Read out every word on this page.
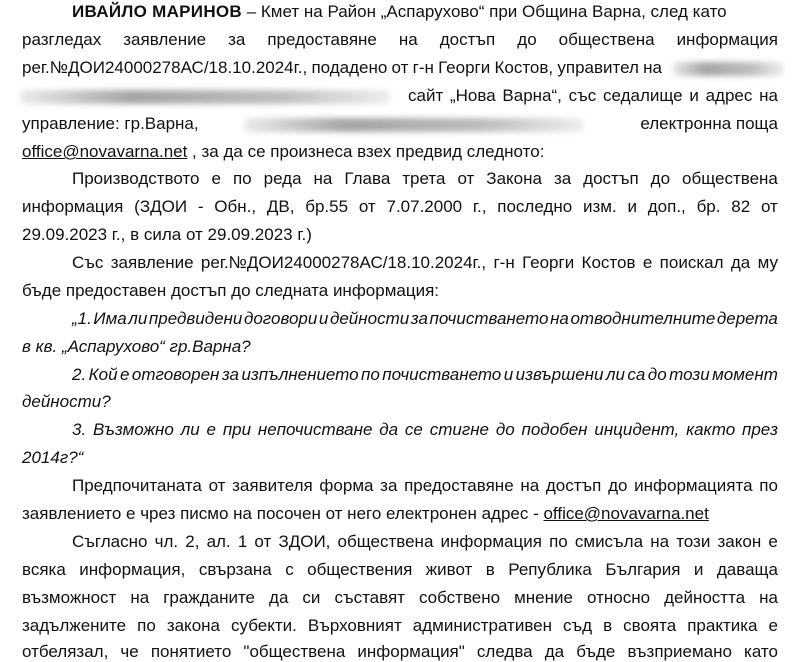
ИВАЙЛО МАРИНОВ – Кмет на Район „Аспарухово“ при Община Варна, след като
разгледах заявление за предоставяне на достъп до обществена информация
рег.№ДОИ24000278АС/18.10.2024г., подадено от г-н Георги Костов, управител на
сайт „Нова Варна“, със седалище и адрес на
управление: гр.Варна,	електронна поща
office@novavarna.net , за да се произнеса взех предвид следното:
Производството е по реда на Глава трета от Закона за достъп до обществена
информация (ЗДОИ - Обн., ДВ, бр.55 от 7.07.2000 г., последно изм. и доп., бр. 82 от
29.09.2023 г., в сила от 29.09.2023 г.)
Със заявление рег.№ДОИ24000278АС/18.10.2024г., г-н Георги Костов е поискал да му
бъде предоставен достъп до следната информация:
„1. Има ли предвидени договори и дейности за почистването на отводнителните дерета
в кв. „Аспарухово“ гр.Варна?
2. Кой е отговорен за изпълнението по почистването и извършени ли са до този момент
дейности?
3. Възможно ли е при непочистване да се стигне до подобен инцидент, както през
2014г?“
Предпочитаната от заявителя форма за предоставяне на достъп до информацията по
заявлението е чрез писмо на посочен от него електронен адрес - office@novavarna.net
Съгласно чл. 2, ал. 1 от ЗДОИ, обществена информация по смисъла на този закон е
всяка информация, свързана с обществения живот в Република България и даваща
възможност на гражданите да си съставят собствено мнение относно дейността на
задължените по закона субекти. Върховният административен съд в своята практика е
отбелязал, че понятието "обществена информация" следва да бъде възприемано като
